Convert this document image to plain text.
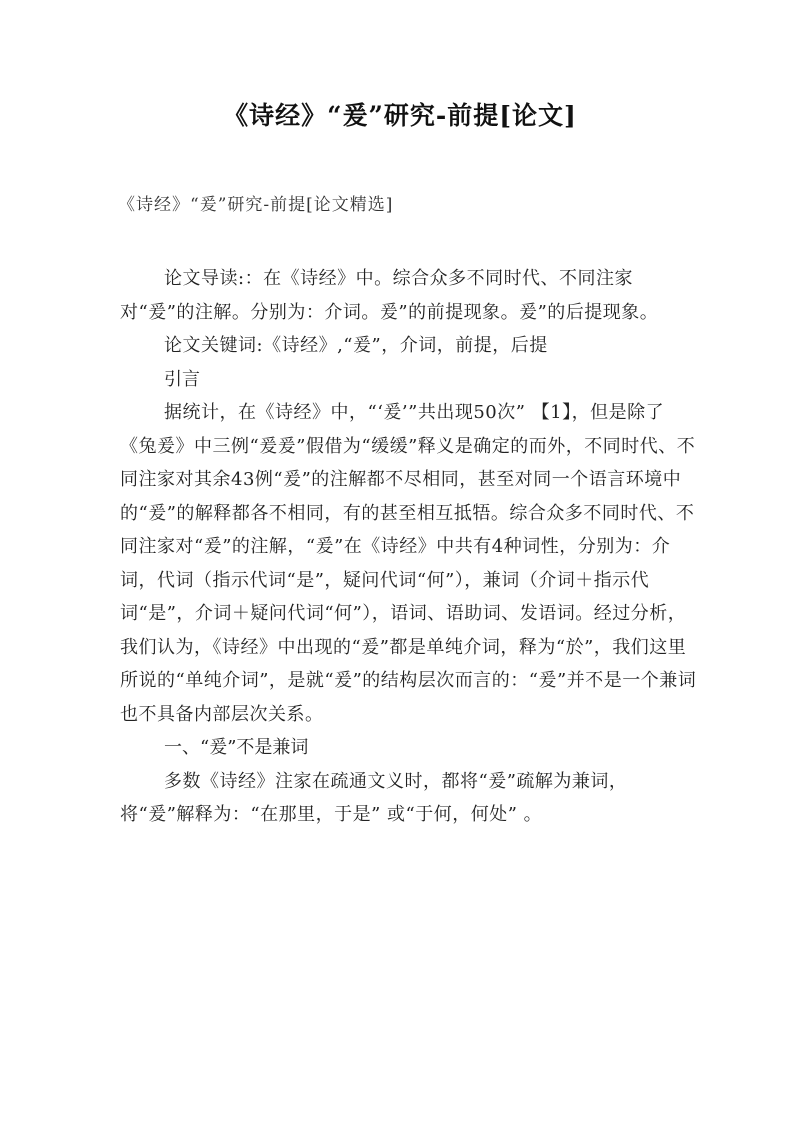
《诗经》“爰”研究-前提[论文]

《诗经》“爰”研究-前提[论文精选]

论文导读:：在《诗经》中。综合众多不同时代、不同注家对“爰”的注解。分别为：介词。爰”的前提现象。爰”的后提现象。

论文关键词:《诗经》,“爰”，介词，前提，后提

引言

据统计，在《诗经》中，“‘爰’”共出现50次” 【1】，但是除了《兔爰》中三例“爰爰”假借为“缓缓”释义是确定的而外，不同时代、不同注家对其余43例“爰”的注解都不尽相同，甚至对同一个语言环境中的“爰”的解释都各不相同，有的甚至相互抵牾。综合众多不同时代、不同注家对“爰”的注解，“爰”在《诗经》中共有4种词性，分别为：介词，代词（指示代词“是”，疑问代词“何”），兼词（介词＋指示代词“是”，介词＋疑问代词“何”），语词、语助词、发语词。经过分析，我们认为，《诗经》中出现的“爰”都是单纯介词，释为“於”，我们这里所说的“单纯介词”，是就“爰”的结构层次而言的：“爰”并不是一个兼词也不具备内部层次关系。

一、“爰”不是兼词

多数《诗经》注家在疏通文义时，都将“爰”疏解为兼词，将“爰”解释为：“在那里，于是” 或“于何，何处” 。
